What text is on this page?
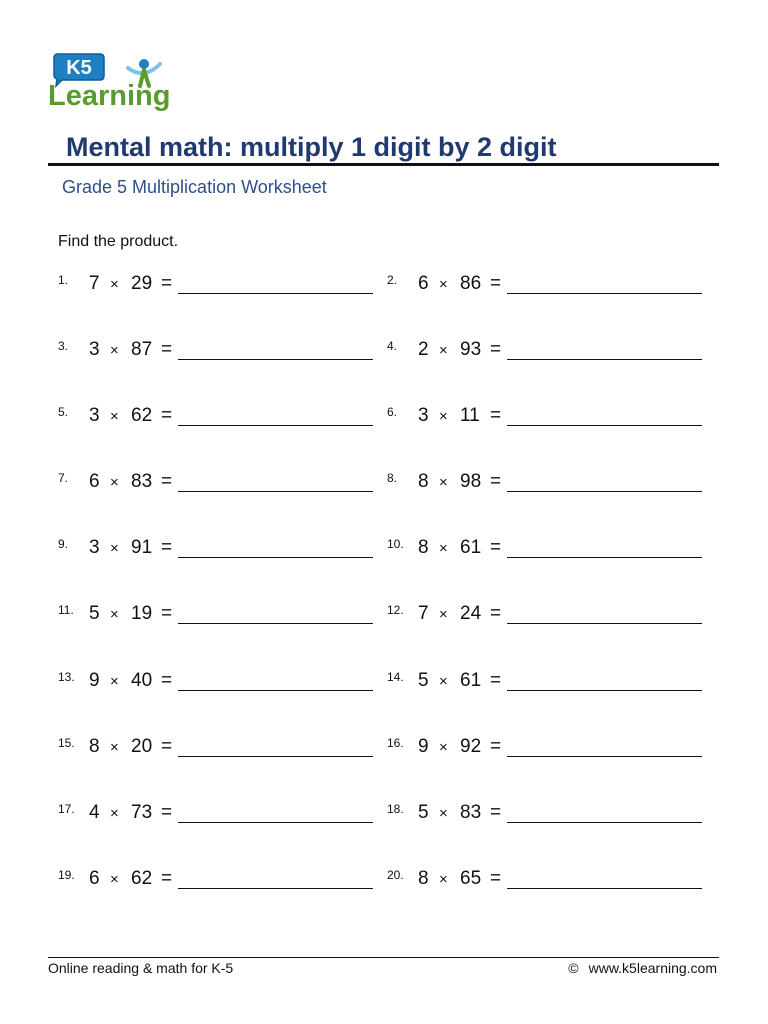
K5
Learning
Mental math: multiply 1 digit by 2 digit
Grade 5 Multiplication Worksheet
Find the product.
1. 7 × 29 =	2. 6 × 86 =
3. 3 × 87 =	4. 2 × 93 =
5. 3 × 62 =	6. 3 × 11 =
7. 6 × 83 =	8. 8 × 98 =
9. 3 × 91 =	10. 8 × 61 =
11. 5 × 19 =	12. 7 × 24 =
13. 9 × 40 =	14. 5 × 61 =
15. 8 × 20 =	16. 9 × 92 =
17. 4 × 73 =	18. 5 × 83 =
19. 6 × 62 =	20. 8 × 65 =
Online reading & math for K-5	© www.k5learning.com
